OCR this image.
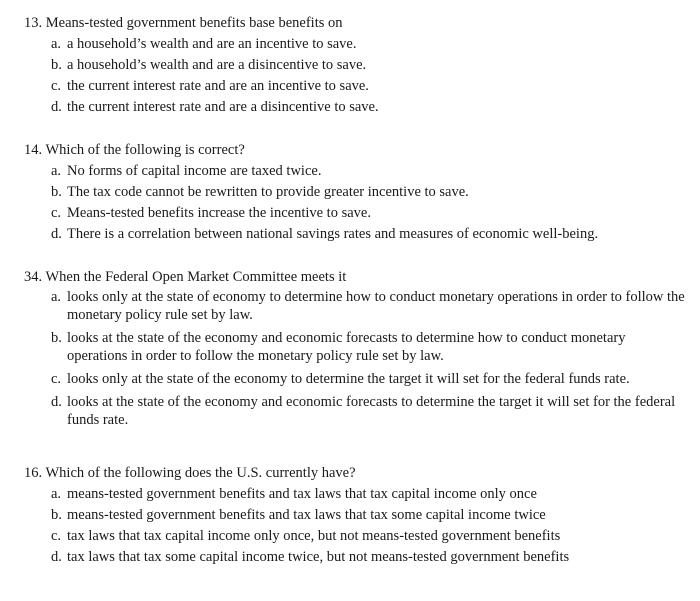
13. Means-tested government benefits base benefits on
a. a household’s wealth and are an incentive to save.
b. a household’s wealth and are a disincentive to save.
c. the current interest rate and are an incentive to save.
d. the current interest rate and are a disincentive to save.
14. Which of the following is correct?
a. No forms of capital income are taxed twice.
b. The tax code cannot be rewritten to provide greater incentive to save.
c. Means-tested benefits increase the incentive to save.
d. There is a correlation between national savings rates and measures of economic well-being.
34. When the Federal Open Market Committee meets it
a. looks only at the state of economy to determine how to conduct monetary operations in order to follow the monetary policy rule set by law.
b. looks at the state of the economy and economic forecasts to determine how to conduct monetary operations in order to follow the monetary policy rule set by law.
c. looks only at the state of the economy to determine the target it will set for the federal funds rate.
d. looks at the state of the economy and economic forecasts to determine the target it will set for the federal funds rate.
16. Which of the following does the U.S. currently have?
a. means-tested government benefits and tax laws that tax capital income only once
b. means-tested government benefits and tax laws that tax some capital income twice
c. tax laws that tax capital income only once, but not means-tested government benefits
d. tax laws that tax some capital income twice, but not means-tested government benefits
